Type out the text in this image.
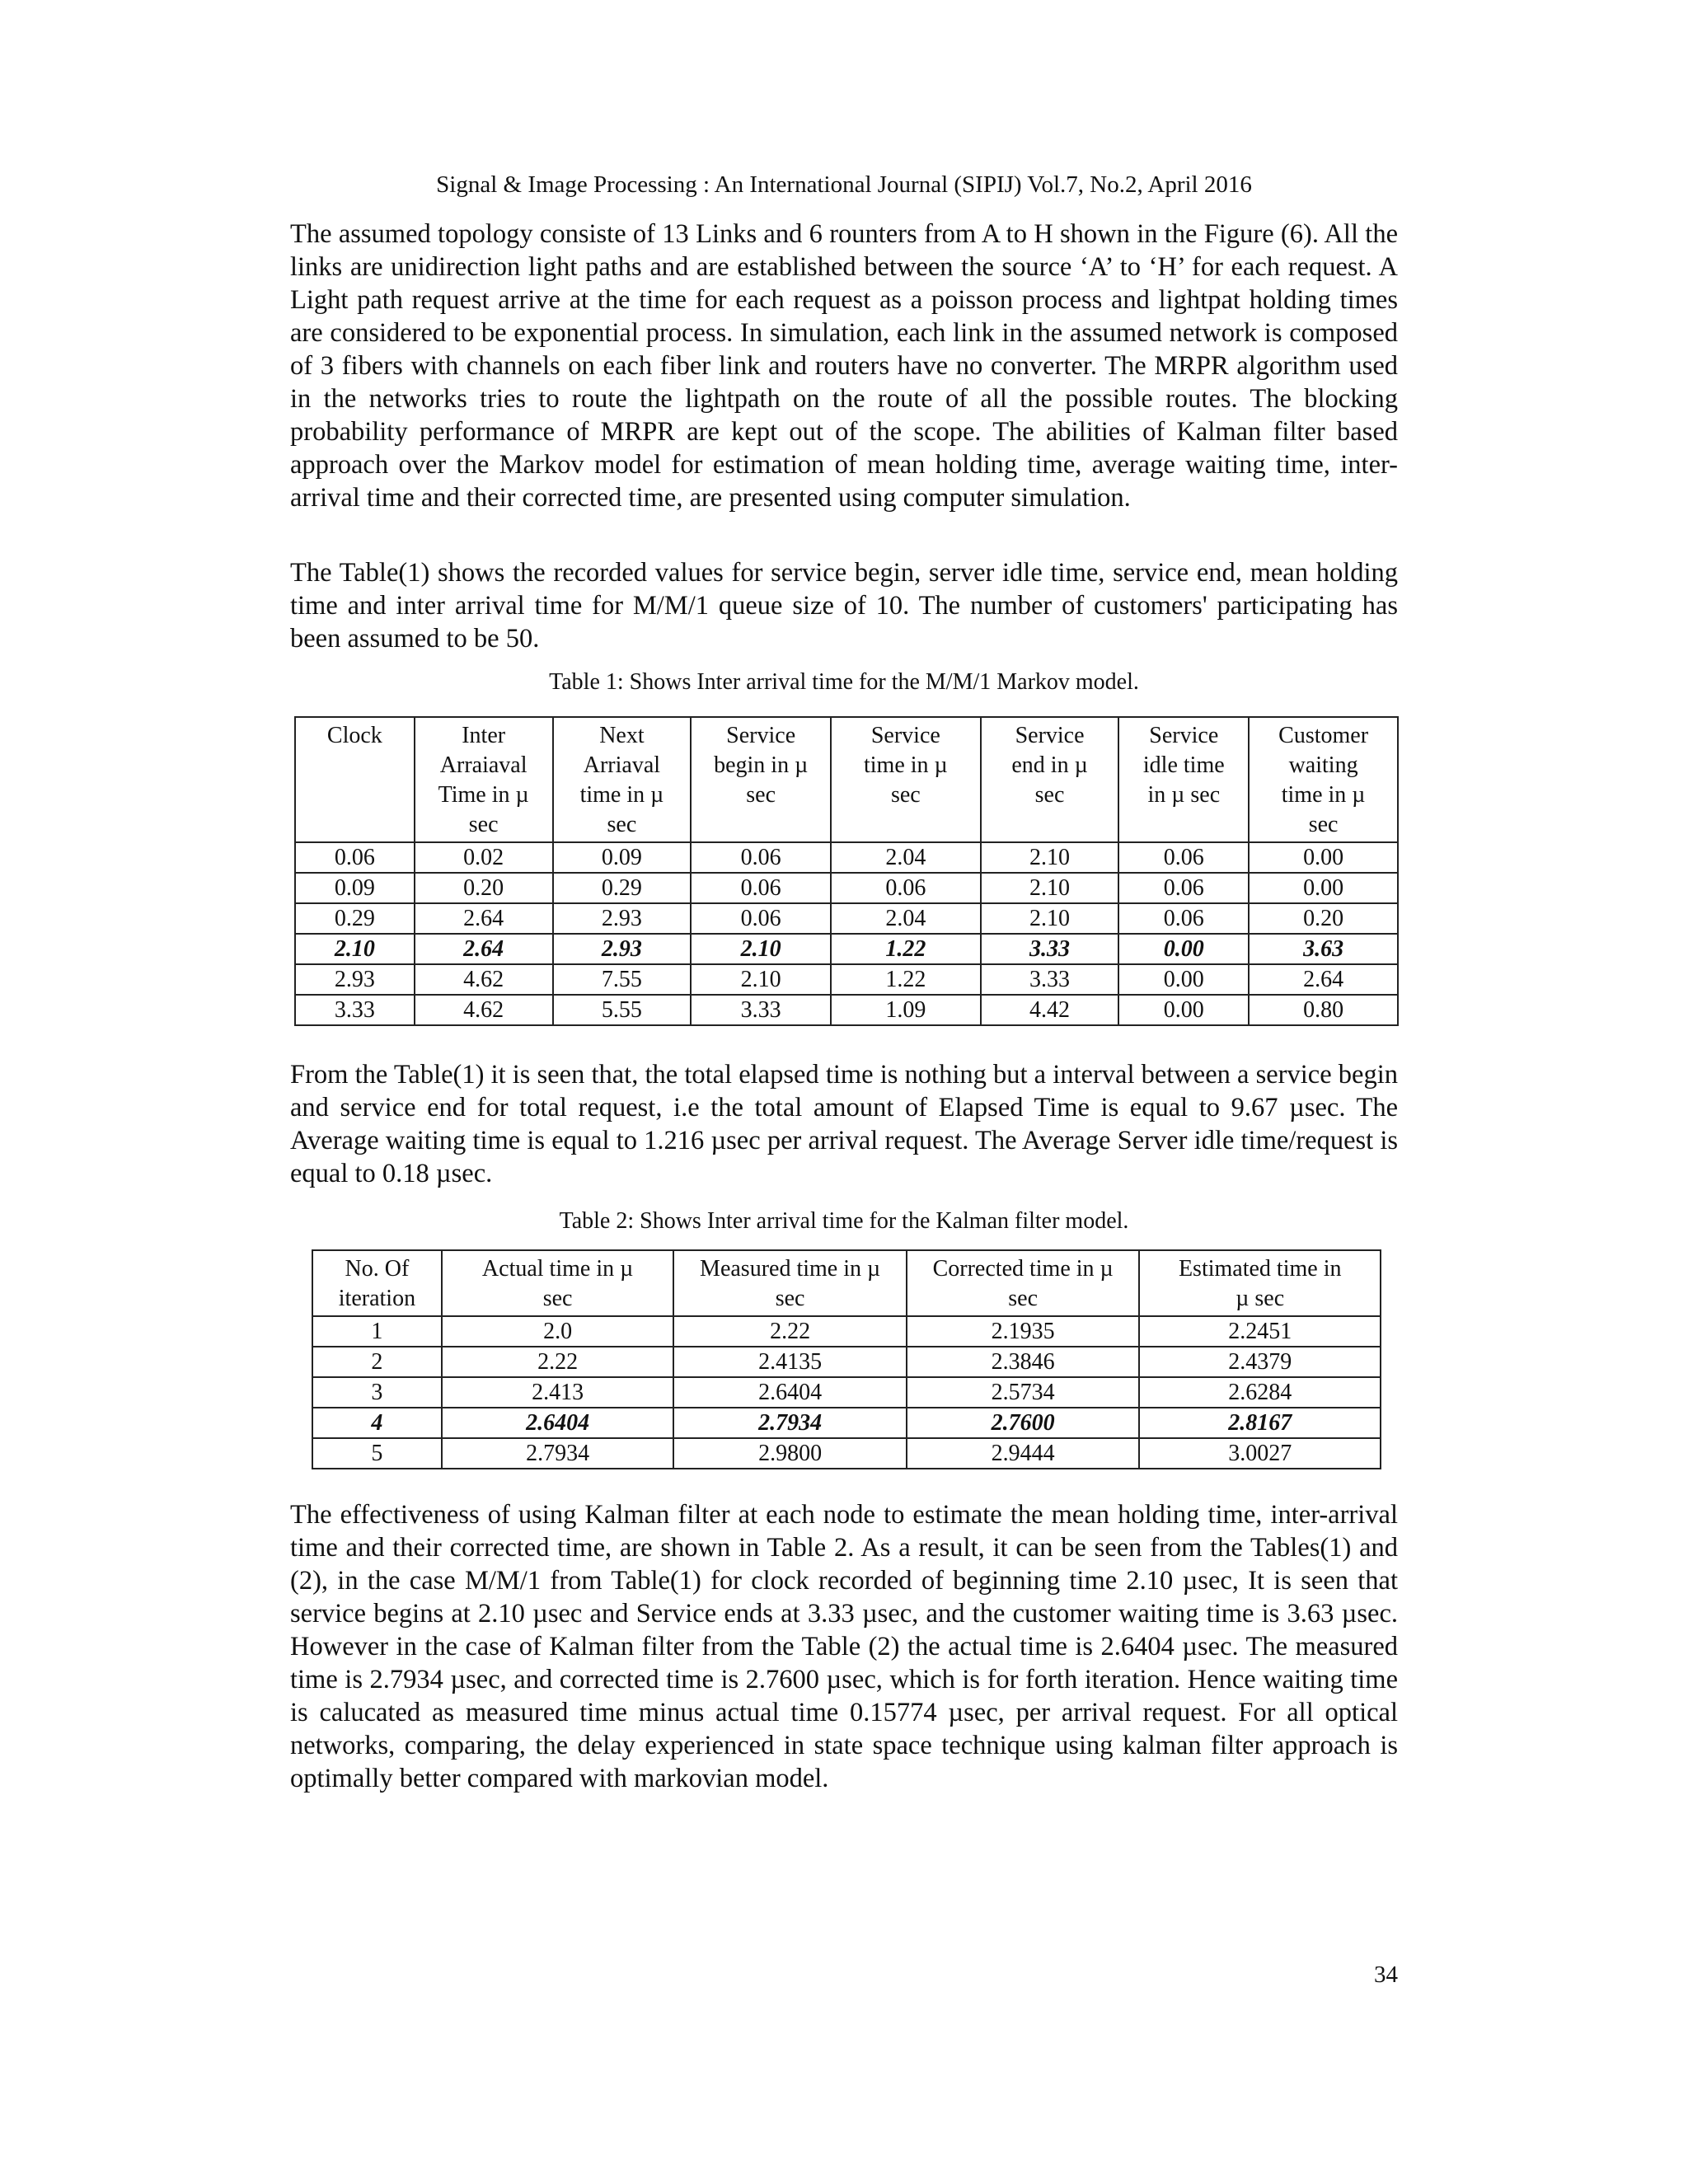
Signal & Image Processing : An International Journal (SIPIJ) Vol.7, No.2, April 2016

The assumed topology consiste of 13 Links and 6 rounters from A to H shown in the Figure (6). All the links are unidirection light paths and are established between the source ‘A’ to ‘H’ for each request. A Light path request arrive at the time for each request as a poisson process and lightpat holding times are considered to be exponential process. In simulation, each link in the assumed network is composed of 3 fibers with channels on each fiber link and routers have no converter. The MRPR algorithm used in the networks tries to route the lightpath on the route of all the possible routes. The blocking probability performance of MRPR are kept out of the scope. The abilities of Kalman filter based approach over the Markov model for estimation of mean holding time, average waiting time, inter-arrival time and their corrected time, are presented using computer simulation.

The Table(1) shows the recorded values for service begin, server idle time, service end, mean holding time and inter arrival time for M/M/1 queue size of 10. The number of customers' participating has been assumed to be 50.

Table 1: Shows Inter arrival time for the M/M/1 Markov model.
Clock	Inter
Arraiaval
Time in µ
sec	Next
Arriaval
time in µ
sec	Service
begin in µ
sec	Service
time in µ
sec	Service
end in µ
sec	Service
idle time
in µ sec	Customer
waiting
time in µ
sec
0.06	0.02	0.09	0.06	2.04	2.10	0.06	0.00
0.09	0.20	0.29	0.06	0.06	2.10	0.06	0.00
0.29	2.64	2.93	0.06	2.04	2.10	0.06	0.20
2.10	2.64	2.93	2.10	1.22	3.33	0.00	3.63
2.93	4.62	7.55	2.10	1.22	3.33	0.00	2.64
3.33	4.62	5.55	3.33	1.09	4.42	0.00	0.80

From the Table(1) it is seen that, the total elapsed time is nothing but a interval between a service begin and service end for total request, i.e the total amount of Elapsed Time is equal to 9.67 µsec. The Average waiting time is equal to 1.216 µsec per arrival request. The Average Server idle time/request is equal to 0.18 µsec.

Table 2: Shows Inter arrival time for the Kalman filter model.
No. Of
iteration	Actual time in µ
sec	Measured time in µ
sec	Corrected time in µ
sec	Estimated time in
µ sec
1	2.0	2.22	2.1935	2.2451
2	2.22	2.4135	2.3846	2.4379
3	2.413	2.6404	2.5734	2.6284
4	2.6404	2.7934	2.7600	2.8167
5	2.7934	2.9800	2.9444	3.0027

The effectiveness of using Kalman filter at each node to estimate the mean holding time, inter-arrival time and their corrected time, are shown in Table 2. As a result, it can be seen from the Tables(1) and (2), in the case M/M/1 from Table(1) for clock recorded of beginning time 2.10 µsec, It is seen that service begins at 2.10 µsec and Service ends at 3.33 µsec, and the customer waiting time is 3.63 µsec. However in the case of Kalman filter from the Table (2) the actual time is 2.6404 µsec. The measured time is 2.7934 µsec, and corrected time is 2.7600 µsec, which is for forth iteration. Hence waiting time is calucated as measured time minus actual time 0.15774 µsec, per arrival request. For all optical networks, comparing, the delay experienced in state space technique using kalman filter approach is optimally better compared with markovian model.

34
